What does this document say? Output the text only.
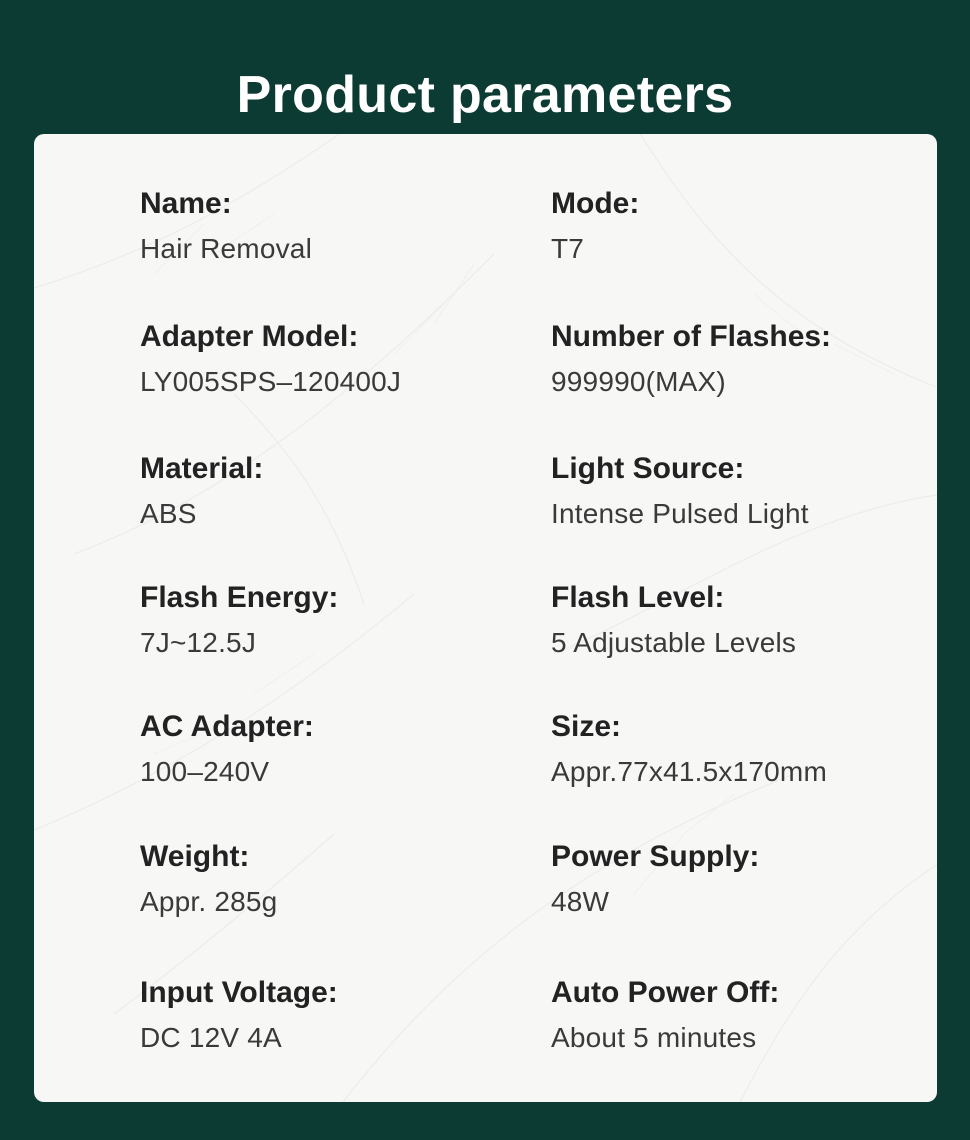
Product parameters
Name:
Hair Removal
Adapter Model:
LY005SPS–120400J
Material:
ABS
Flash Energy:
7J~12.5J
AC Adapter:
100–240V
Weight:
Appr. 285g
Input Voltage:
DC 12V 4A
Mode:
T7
Number of Flashes:
999990(MAX)
Light Source:
Intense Pulsed Light
Flash Level:
5 Adjustable Levels
Size:
Appr.77x41.5x170mm
Power Supply:
48W
Auto Power Off:
About 5 minutes
